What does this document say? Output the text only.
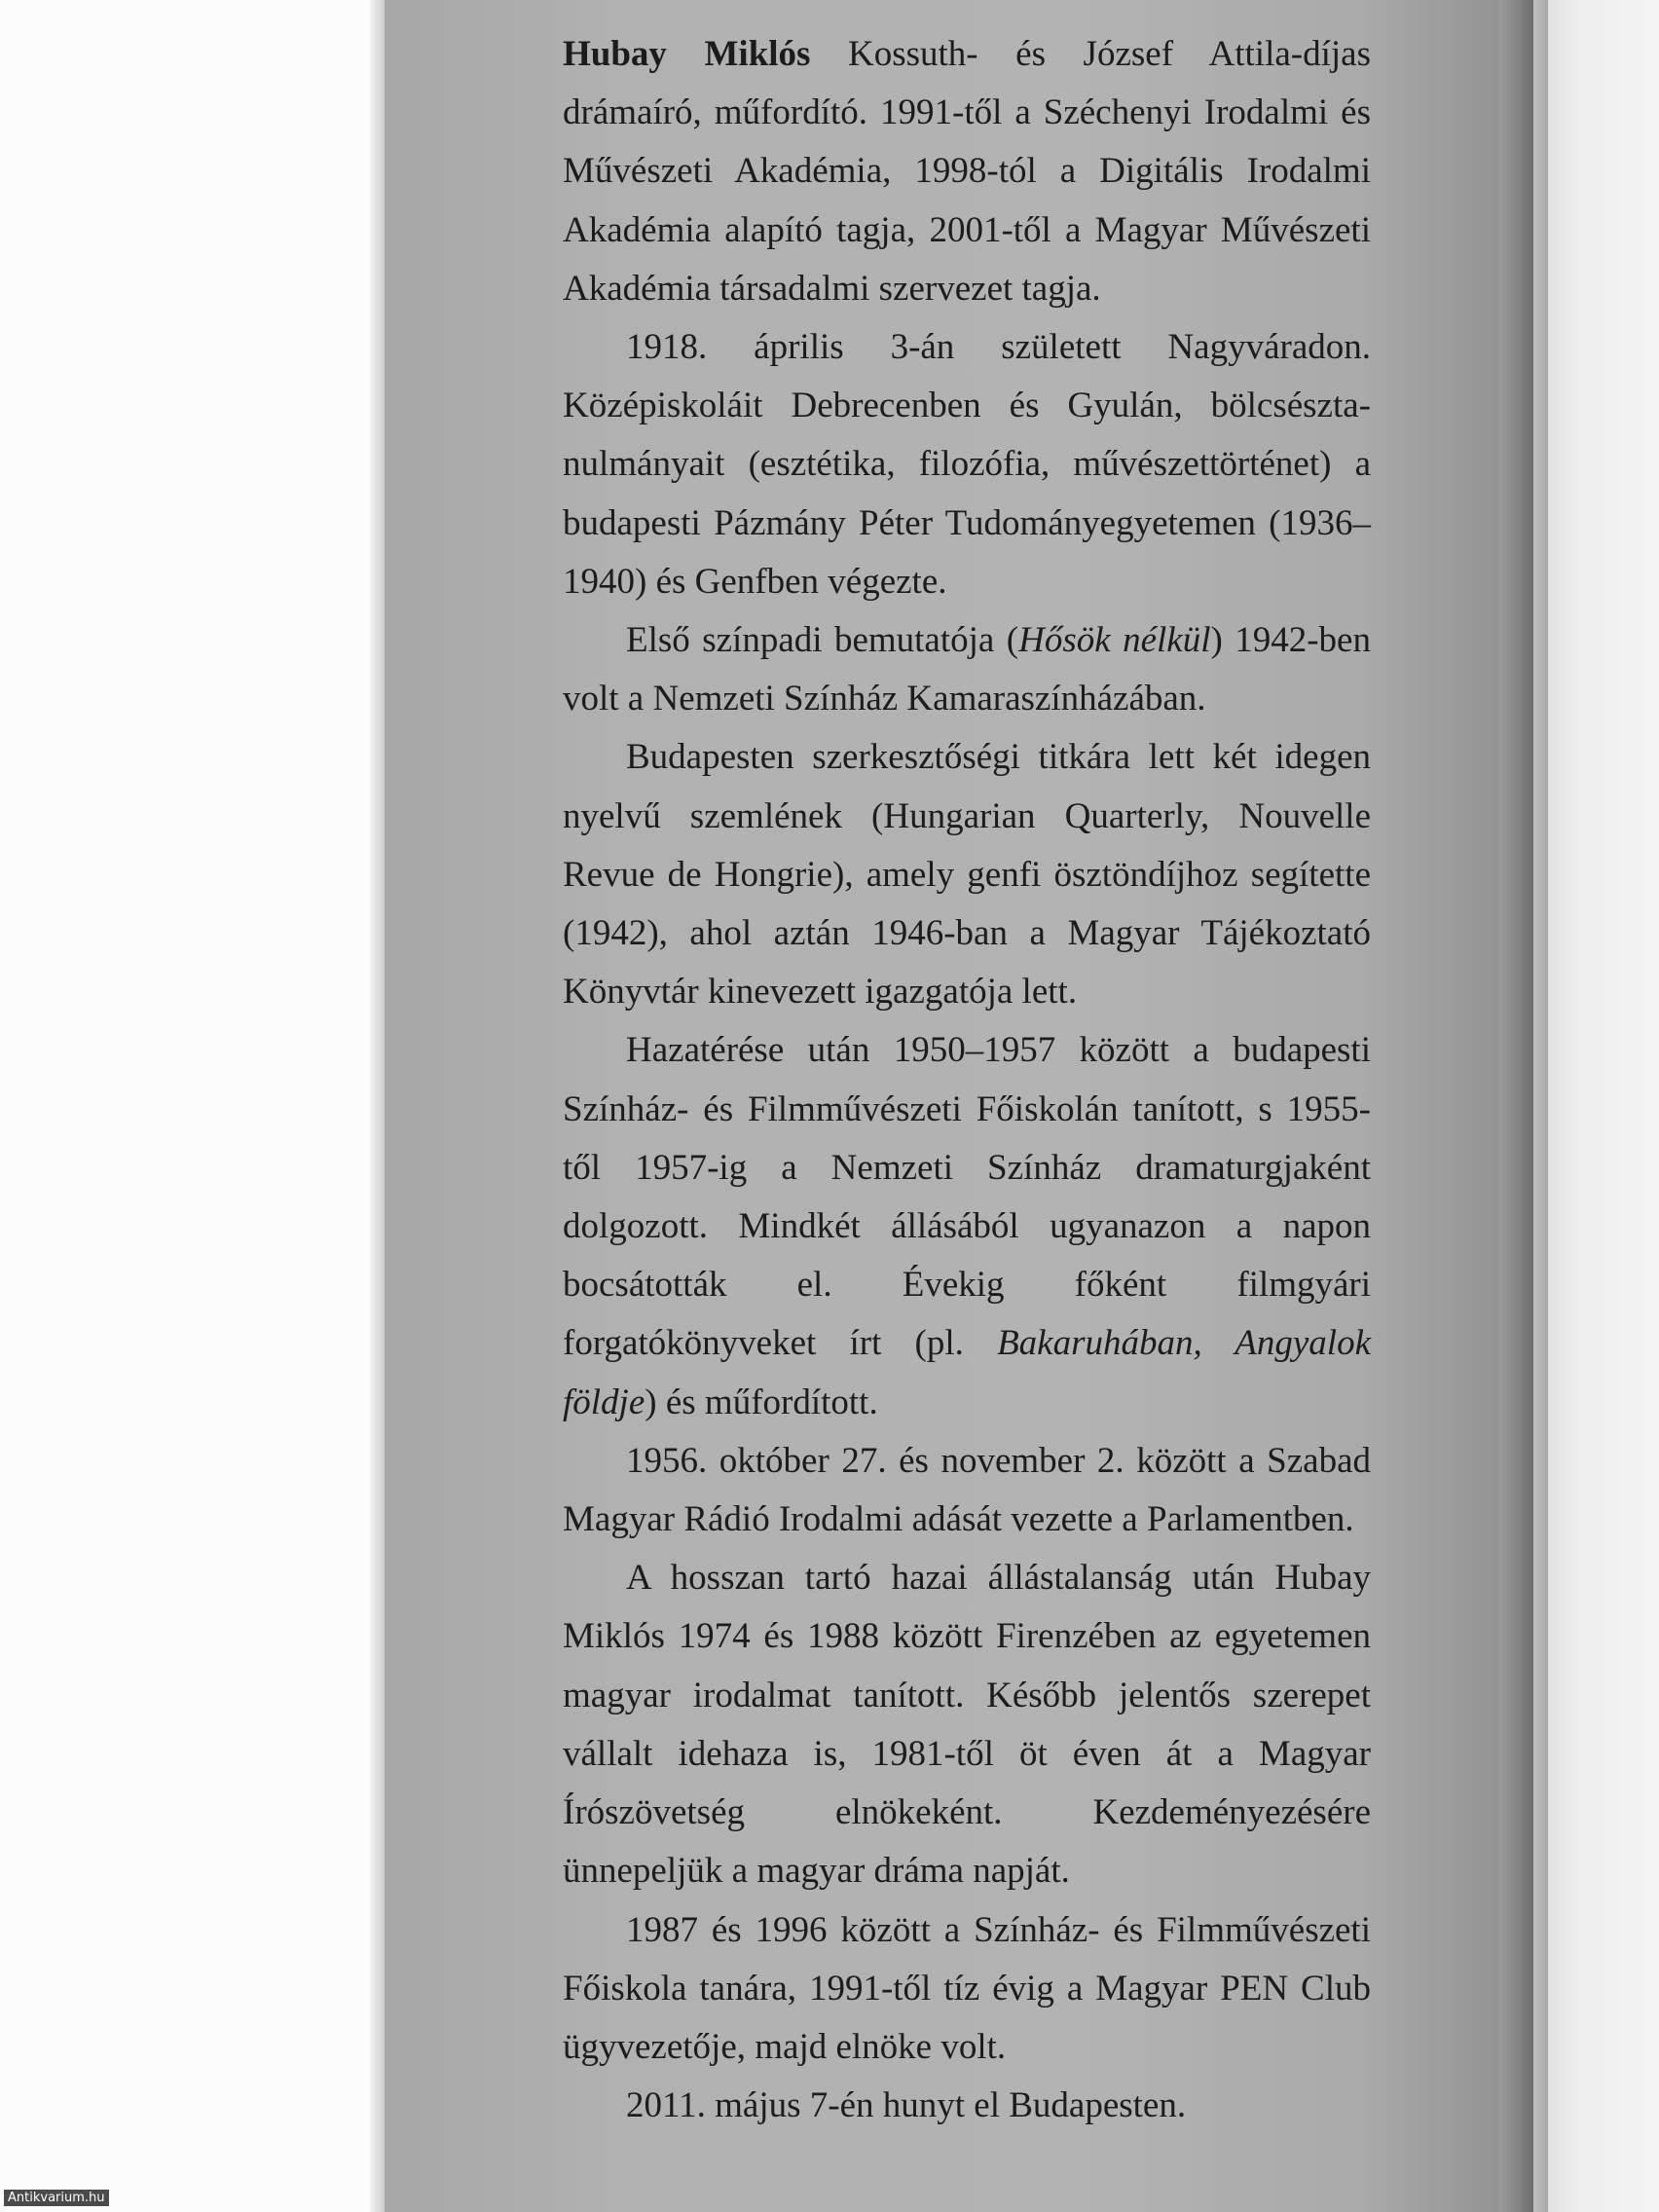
Hubay Miklós Kossuth- és József Attila-díjas drámaíró, műfordító. 1991-től a Széchenyi Irodalmi és Művészeti Akadémia, 1998-tól a Digitális Irodalmi Akadémia alapító tagja, 2001-től a Magyar Művészeti Akadémia társadalmi szervezet tagja.

1918. április 3-án született Nagyváradon. Középiskoláit Debrecenben és Gyulán, bölcsésztanulmányait (esztétika, filozófia, művészettörténet) a budapesti Pázmány Péter Tudományegyetemen (1936–1940) és Genfben végezte.

Első színpadi bemutatója (Hősök nélkül) 1942-ben volt a Nemzeti Színház Kamaraszínházában.

Budapesten szerkesztőségi titkára lett két idegen nyelvű szemlének (Hungarian Quarterly, Nouvelle Revue de Hongrie), amely genfi ösztöndíjhoz segítette (1942), ahol aztán 1946-ban a Magyar Tájékoztató Könyvtár kinevezett igazgatója lett.

Hazatérése után 1950–1957 között a budapesti Színház- és Filmművészeti Főiskolán tanított, s 1955-től 1957-ig a Nemzeti Színház dramaturgjaként dolgozott. Mindkét állásából ugyanazon a napon bocsátották el. Évekig főként filmgyári forgatókönyveket írt (pl. Bakaruhában, Angyalok földje) és műfordított.

1956. október 27. és november 2. között a Szabad Magyar Rádió Irodalmi adását vezette a Parlamentben.

A hosszan tartó hazai állástalanság után Hubay Miklós 1974 és 1988 között Firenzében az egyetemen magyar irodalmat tanított. Később jelentős szerepet vállalt idehaza is, 1981-től öt éven át a Magyar Írószövetség elnökeként. Kezdeményezésére ünnepeljük a magyar dráma napját.

1987 és 1996 között a Színház- és Filmművészeti Főiskola tanára, 1991-től tíz évig a Magyar PEN Club ügyvezetője, majd elnöke volt.

2011. május 7-én hunyt el Budapesten.

Antikvarium.hu
